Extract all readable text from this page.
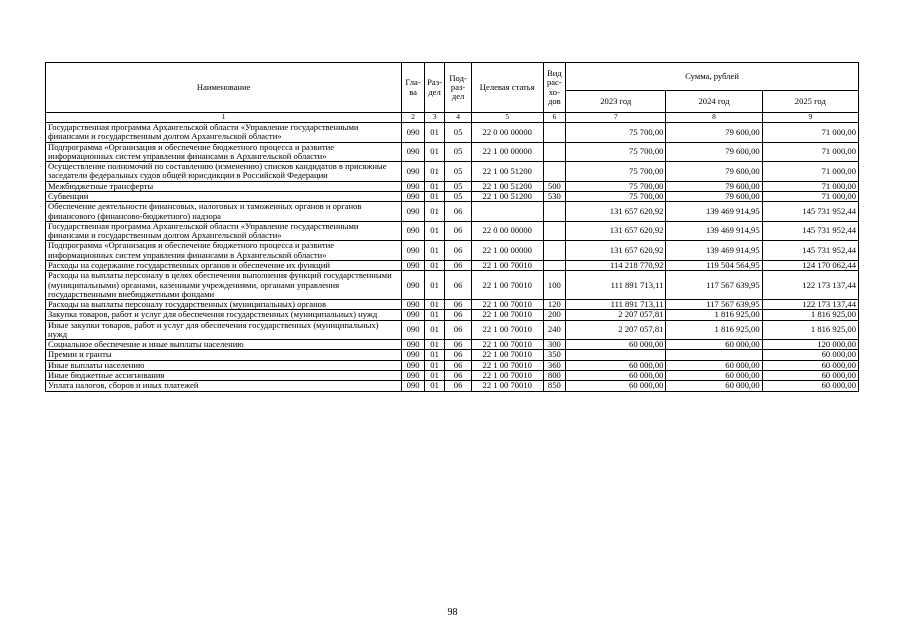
Наименование	Гла-ва	Раз-дел	Под-раз-дел	Целевая статья	Вид рас-хо-дов	Сумма, рублей		
						2023 год	2024 год	2025 год
1	2	3	4	5	6	7	8	9
Государственная программа Архангельской области «Управление государственными финансами и государственным долгом Архангельской области»	090	01	05	22 0 00 00000		75 700,00	79 600,00	71 000,00
Подпрограмма «Организация и обеспечение бюджетного процесса и развитие информационных систем управления финансами в Архангельской области»	090	01	05	22 1 00 00000		75 700,00	79 600,00	71 000,00
Осуществление полномочий по составлению (изменению) списков кандидатов в присяжные заседатели федеральных судов общей юрисдикции в Российской Федерации	090	01	05	22 1 00 51200		75 700,00	79 600,00	71 000,00
Межбюджетные трансферты	090	01	05	22 1 00 51200	500	75 700,00	79 600,00	71 000,00
Субвенции	090	01	05	22 1 00 51200	530	75 700,00	79 600,00	71 000,00
Обеспечение деятельности финансовых, налоговых и таможенных органов и органов финансового (финансово-бюджетного) надзора	090	01	06			131 657 620,92	139 469 914,95	145 731 952,44
Государственная программа Архангельской области «Управление государственными финансами и государственным долгом Архангельской области»	090	01	06	22 0 00 00000		131 657 620,92	139 469 914,95	145 731 952,44
Подпрограмма «Организация и обеспечение бюджетного процесса и развитие информационных систем управления финансами в Архангельской области»	090	01	06	22 1 00 00000		131 657 620,92	139 469 914,95	145 731 952,44
Расходы на содержание государственных органов и обеспечение их функций	090	01	06	22 1 00 70010		114 218 770,92	119 504 564,95	124 170 062,44
Расходы на выплаты персоналу в целях обеспечения выполнения функций государственными (муниципальными) органами, казенными учреждениями, органами управления государственными внебюджетными фондами	090	01	06	22 1 00 70010	100	111 891 713,11	117 567 639,95	122 173 137,44
Расходы на выплаты персоналу государственных (муниципальных) органов	090	01	06	22 1 00 70010	120	111 891 713,11	117 567 639,95	122 173 137,44
Закупка товаров, работ и услуг для обеспечения государственных (муниципальных) нужд	090	01	06	22 1 00 70010	200	2 207 057,81	1 816 925,00	1 816 925,00
Иные закупки товаров, работ и услуг для обеспечения государственных (муниципальных) нужд	090	01	06	22 1 00 70010	240	2 207 057,81	1 816 925,00	1 816 925,00
Социальное обеспечение и иные выплаты населению	090	01	06	22 1 00 70010	300	60 000,00	60 000,00	120 000,00
Премии и гранты	090	01	06	22 1 00 70010	350			60 000,00
Иные выплаты населению	090	01	06	22 1 00 70010	360	60 000,00	60 000,00	60 000,00
Иные бюджетные ассигнования	090	01	06	22 1 00 70010	800	60 000,00	60 000,00	60 000,00
Уплата налогов, сборов и иных платежей	090	01	06	22 1 00 70010	850	60 000,00	60 000,00	60 000,00
98
